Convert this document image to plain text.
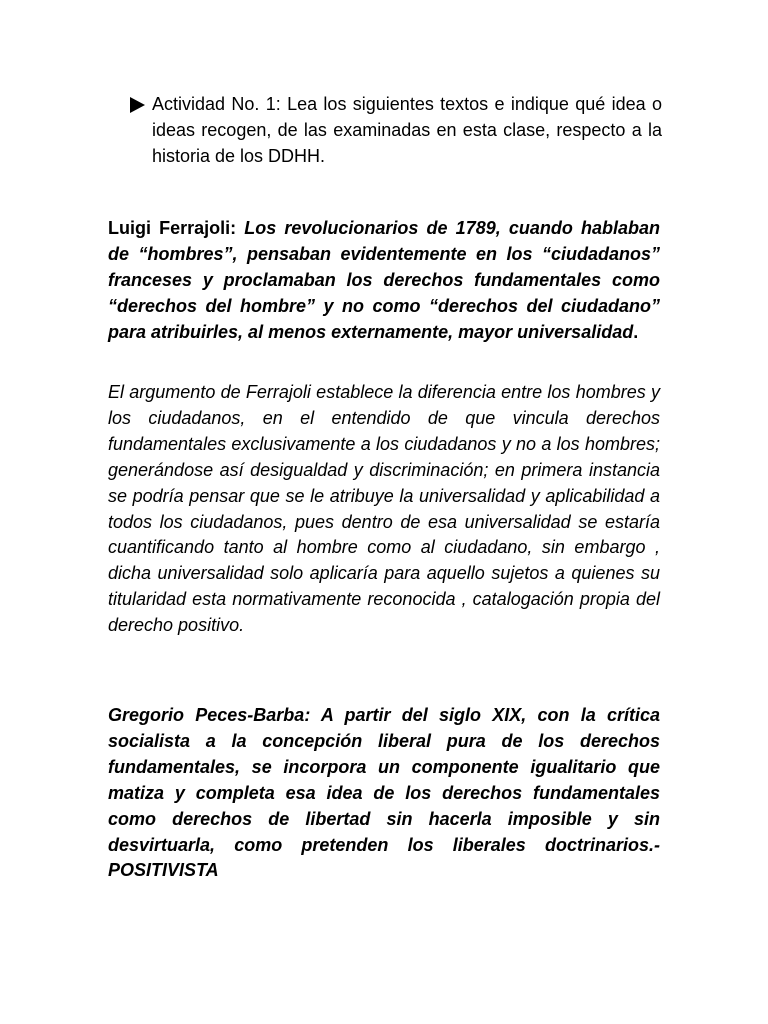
Actividad No. 1: Lea los siguientes textos e indique qué idea o ideas recogen, de las examinadas en esta clase, respecto a la historia de los DDHH.

Luigi Ferrajoli: Los revolucionarios de 1789, cuando hablaban de “hombres”, pensaban evidentemente en los “ciudadanos” franceses y proclamaban los derechos fundamentales como “derechos del hombre” y no como “derechos del ciudadano” para atribuirles, al menos externamente, mayor universalidad.

El argumento de Ferrajoli establece la diferencia entre los hombres y los ciudadanos, en el entendido de que vincula derechos fundamentales exclusivamente a los ciudadanos y no a los hombres; generándose así desigualdad y discriminación; en primera instancia se podría pensar que se le atribuye la universalidad y aplicabilidad a todos los ciudadanos, pues dentro de esa universalidad se estaría cuantificando tanto al hombre como al ciudadano, sin embargo , dicha universalidad solo aplicaría para aquello sujetos a quienes su titularidad esta normativamente reconocida , catalogación propia del derecho positivo.

Gregorio Peces-Barba: A partir del siglo XIX, con la crítica socialista a la concepción liberal pura de los derechos fundamentales, se incorpora un componente igualitario que matiza y completa esa idea de los derechos fundamentales como derechos de libertad sin hacerla imposible y sin desvirtuarla, como pretenden los liberales doctrinarios.- POSITIVISTA
